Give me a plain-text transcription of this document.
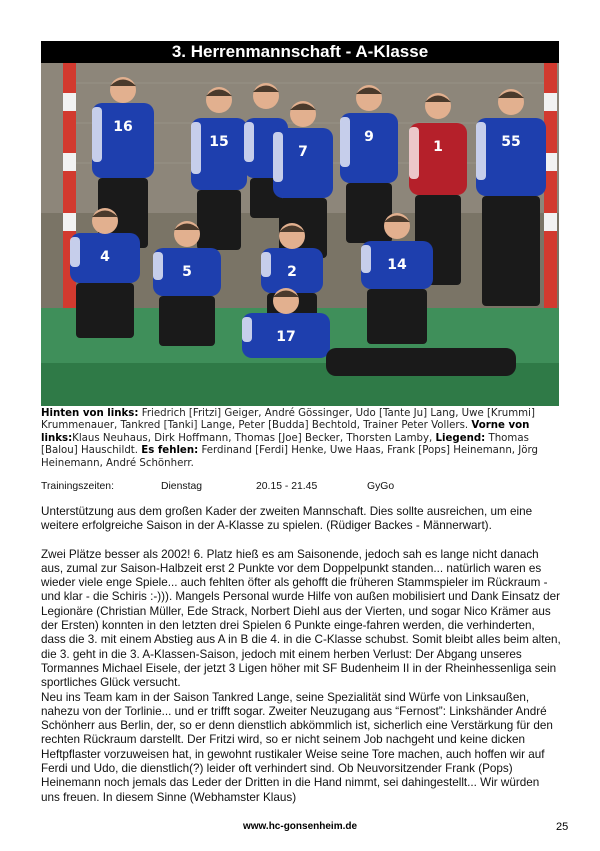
3. Herrenmannschaft - A-Klasse
16
15
7
9
1	55
4
5	2	14
17
Hinten von links: Friedrich [Fritzi] Geiger, André Gössinger, Udo [Tante Ju] Lang, Uwe [Krummi] Krummenauer, Tankred [Tanki] Lange, Peter [Budda] Bechtold, Trainer Peter Vollers. Vorne von links:Klaus Neuhaus, Dirk Hoffmann, Thomas [Joe] Becker, Thorsten Lamby, Liegend: Thomas [Balou] Hauschildt. Es fehlen: Ferdinand [Ferdi] Henke, Uwe Haas, Frank [Pops] Heinemann, Jörg Heinemann, André Schönherr.
Trainingszeiten:	Dienstag	20.15 - 21.45	GyGo

Unterstützung aus dem großen Kader der zweiten Mannschaft. Dies sollte ausreichen, um eine weitere erfolgreiche Saison in der A-Klasse zu spielen. (Rüdiger Backes - Männerwart).

Zwei Plätze besser als 2002! 6. Platz hieß es am Saisonende, jedoch sah es lange nicht danach aus, zumal zur Saison-Halbzeit erst 2 Punkte vor dem Doppelpunkt standen... natürlich waren es wieder viele enge Spiele... auch fehlten öfter als gehofft die früheren Stammspieler im Rückraum - und klar - die Schiris :-))). Mangels Personal wurde Hilfe von außen mobilisiert und Dank Einsatz der Legionäre (Christian Müller, Ede Strack, Norbert Diehl aus der Vierten, und sogar Nico Krämer aus der Ersten) konnten in den letzten drei Spielen 6 Punkte einge-fahren werden, die verhinderten, dass die 3. mit einem Abstieg aus A in B die 4. in die C-Klasse schubst. Somit bleibt alles beim alten, die 3. geht in die 3. A-Klassen-Saison, jedoch mit einem herben Verlust: Der Abgang unseres Tormannes Michael Eisele, der jetzt 3 Ligen höher mit SF Budenheim II in der Rheinhessenliga sein sportliches Glück versucht.

Neu ins Team kam in der Saison Tankred Lange, seine Spezialität sind Würfe von Linksaußen, nahezu von der Torlinie... und er trifft sogar. Zweiter Neuzugang aus “Fernost”: Linkshänder André Schönherr aus Berlin, der, so er denn dienstlich abkömmlich ist, sicherlich eine Verstärkung für den rechten Rückraum darstellt. Der Fritzi wird, so er nicht seinem Job nachgeht und keine dicken Heftpflaster vorzuweisen hat, in gewohnt rustikaler Weise seine Tore machen, auch hoffen wir auf Ferdi und Udo, die dienstlich(?) leider oft verhindert sind. Ob Neuvorsitzender Frank (Pops) Heinemann noch jemals das Leder der Dritten in die Hand nimmt, sei dahingestellt... Wir würden uns freuen. In diesem Sinne (Webhamster Klaus)

www.hc-gonsenheim.de	25
